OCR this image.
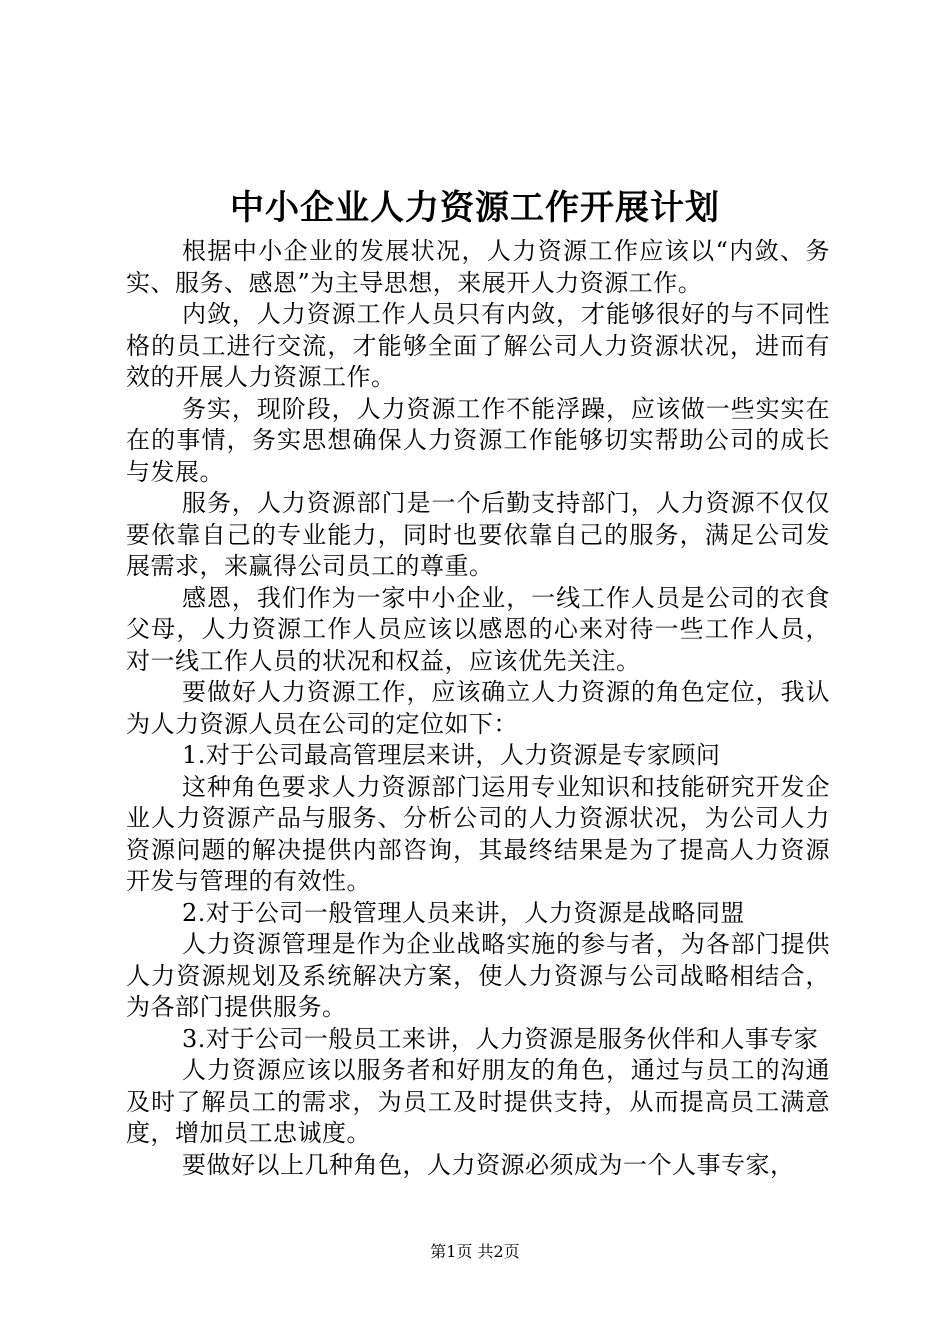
中小企业人力资源工作开展计划

根据中小企业的发展状况，人力资源工作应该以“内敛、务实、服务、感恩”为主导思想，来展开人力资源工作。

内敛，人力资源工作人员只有内敛，才能够很好的与不同性格的员工进行交流，才能够全面了解公司人力资源状况，进而有效的开展人力资源工作。

务实，现阶段，人力资源工作不能浮躁，应该做一些实实在在的事情，务实思想确保人力资源工作能够切实帮助公司的成长与发展。

服务，人力资源部门是一个后勤支持部门，人力资源不仅仅要依靠自己的专业能力，同时也要依靠自己的服务，满足公司发展需求，来赢得公司员工的尊重。

感恩，我们作为一家中小企业，一线工作人员是公司的衣食父母，人力资源工作人员应该以感恩的心来对待一些工作人员，对一线工作人员的状况和权益，应该优先关注。

要做好人力资源工作，应该确立人力资源的角色定位，我认为人力资源人员在公司的定位如下：

1.对于公司最高管理层来讲，人力资源是专家顾问

这种角色要求人力资源部门运用专业知识和技能研究开发企业人力资源产品与服务、分析公司的人力资源状况，为公司人力资源问题的解决提供内部咨询，其最终结果是为了提高人力资源开发与管理的有效性。

2.对于公司一般管理人员来讲，人力资源是战略同盟

人力资源管理是作为企业战略实施的参与者，为各部门提供人力资源规划及系统解决方案，使人力资源与公司战略相结合，为各部门提供服务。

3.对于公司一般员工来讲，人力资源是服务伙伴和人事专家

人力资源应该以服务者和好朋友的角色，通过与员工的沟通及时了解员工的需求，为员工及时提供支持，从而提高员工满意度，增加员工忠诚度。

要做好以上几种角色，人力资源必须成为一个人事专家，

第1页 共2页
